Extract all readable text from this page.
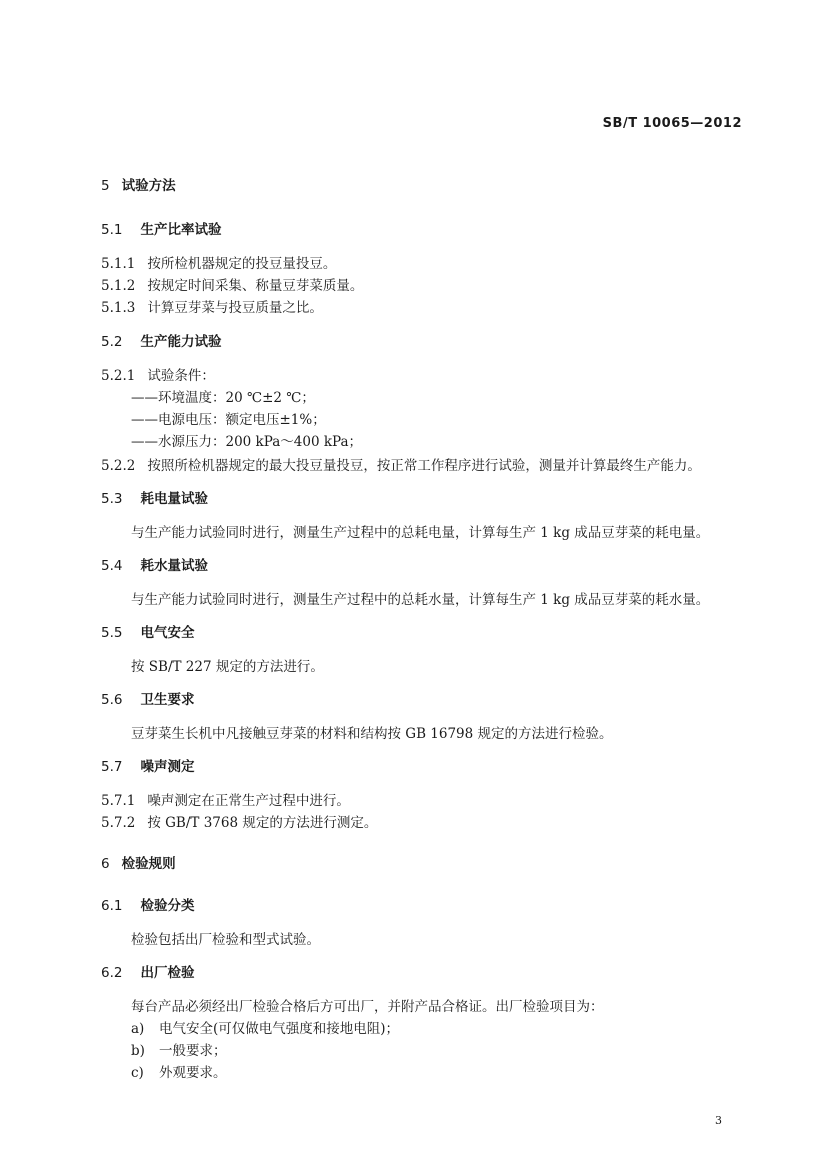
SB/T 10065—2012
5 试验方法
5.1 生产比率试验
5.1.1 按所检机器规定的投豆量投豆。
5.1.2 按规定时间采集、称量豆芽菜质量。
5.1.3 计算豆芽菜与投豆质量之比。
5.2 生产能力试验
5.2.1 试验条件：
——环境温度：20 ℃±2 ℃；
——电源电压：额定电压±1%；
——水源压力：200 kPa～400 kPa；
5.2.2 按照所检机器规定的最大投豆量投豆，按正常工作程序进行试验，测量并计算最终生产能力。
5.3 耗电量试验
与生产能力试验同时进行，测量生产过程中的总耗电量，计算每生产 1 kg 成品豆芽菜的耗电量。
5.4 耗水量试验
与生产能力试验同时进行，测量生产过程中的总耗水量，计算每生产 1 kg 成品豆芽菜的耗水量。
5.5 电气安全
按 SB/T 227 规定的方法进行。
5.6 卫生要求
豆芽菜生长机中凡接触豆芽菜的材料和结构按 GB 16798 规定的方法进行检验。
5.7 噪声测定
5.7.1 噪声测定在正常生产过程中进行。
5.7.2 按 GB/T 3768 规定的方法进行测定。
6 检验规则
6.1 检验分类
检验包括出厂检验和型式试验。
6.2 出厂检验
每台产品必须经出厂检验合格后方可出厂，并附产品合格证。出厂检验项目为：
a) 电气安全(可仅做电气强度和接地电阻)；
b) 一般要求；
c) 外观要求。
3
